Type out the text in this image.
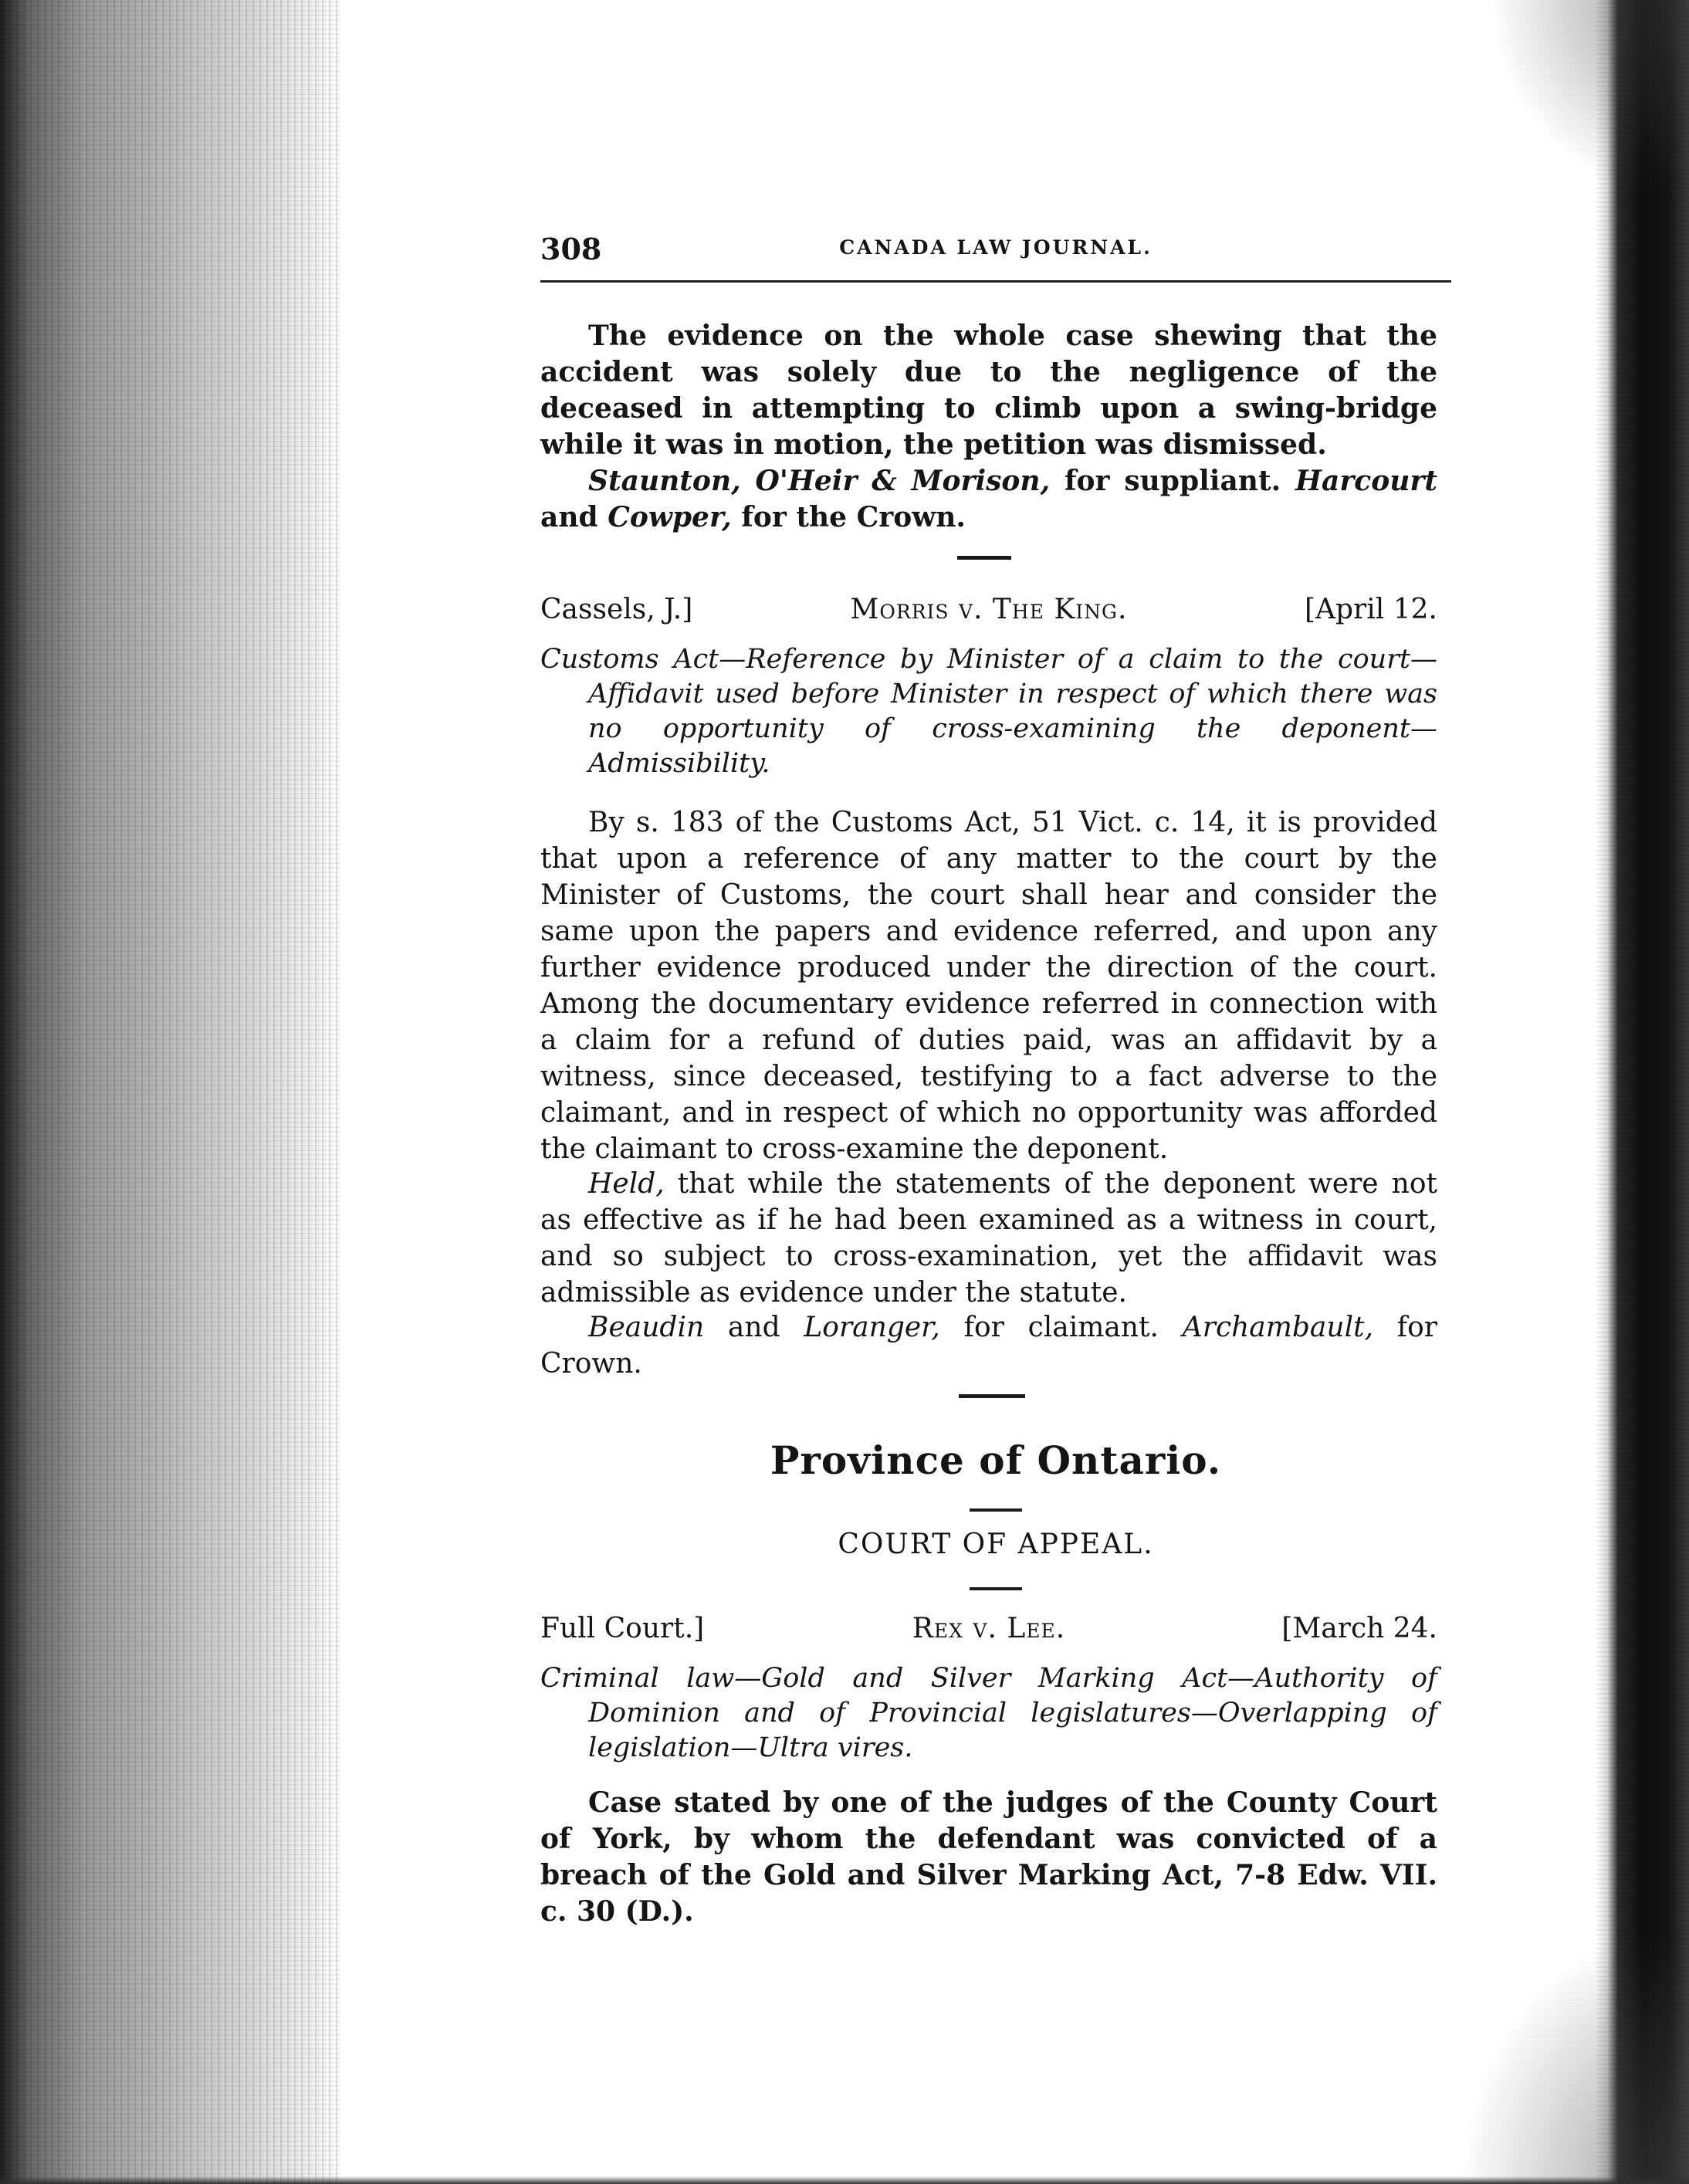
308	CANADA LAW JOURNAL.

The evidence on the whole case shewing that the accident was solely due to the negligence of the deceased in attempting to climb upon a swing-bridge while it was in motion, the petition was dismissed.

Staunton, O'Heir & Morison, for suppliant. Harcourt and Cowper, for the Crown.

Cassels, J.]	Morris v. The King.	[April 12.

Customs Act—Reference by Minister of a claim to the court—Affidavit used before Minister in respect of which there was no opportunity of cross-examining the deponent—Admissibility.

By s. 183 of the Customs Act, 51 Vict. c. 14, it is provided that upon a reference of any matter to the court by the Minister of Customs, the court shall hear and consider the same upon the papers and evidence referred, and upon any further evidence produced under the direction of the court. Among the documentary evidence referred in connection with a claim for a refund of duties paid, was an affidavit by a witness, since deceased, testifying to a fact adverse to the claimant, and in respect of which no opportunity was afforded the claimant to cross-examine the deponent.

Held, that while the statements of the deponent were not as effective as if he had been examined as a witness in court, and so subject to cross-examination, yet the affidavit was admissible as evidence under the statute.

Beaudin and Loranger, for claimant. Archambault, for Crown.

Province of Ontario.
COURT OF APPEAL.
Full Court.]	Rex v. Lee.	[March 24.

Criminal law—Gold and Silver Marking Act—Authority of Dominion and of Provincial legislatures—Overlapping of legislation—Ultra vires.

Case stated by one of the judges of the County Court of York, by whom the defendant was convicted of a breach of the Gold and Silver Marking Act, 7-8 Edw. VII. c. 30 (D.).
